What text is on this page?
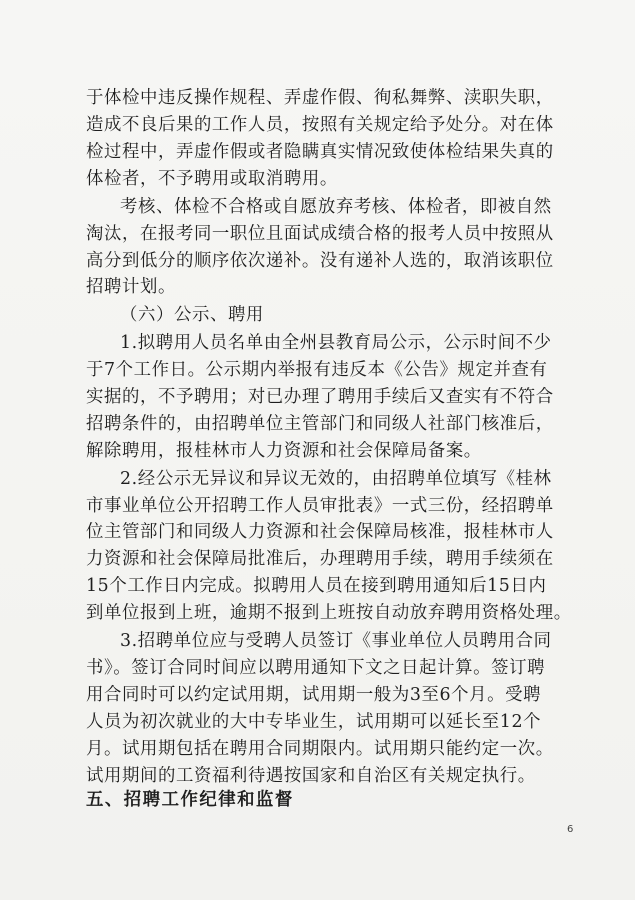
于体检中违反操作规程、弄虚作假、徇私舞弊、渎职失职，
造成不良后果的工作人员，按照有关规定给予处分。对在体
检过程中，弄虚作假或者隐瞒真实情况致使体检结果失真的
体检者，不予聘用或取消聘用。
考核、体检不合格或自愿放弃考核、体检者，即被自然
淘汰，在报考同一职位且面试成绩合格的报考人员中按照从
高分到低分的顺序依次递补。没有递补人选的，取消该职位
招聘计划。
（六）公示、聘用
1.拟聘用人员名单由全州县教育局公示，公示时间不少
于7个工作日。公示期内举报有违反本《公告》规定并查有
实据的，不予聘用；对已办理了聘用手续后又查实有不符合
招聘条件的，由招聘单位主管部门和同级人社部门核准后，
解除聘用，报桂林市人力资源和社会保障局备案。
2.经公示无异议和异议无效的，由招聘单位填写《桂林
市事业单位公开招聘工作人员审批表》一式三份，经招聘单
位主管部门和同级人力资源和社会保障局核准，报桂林市人
力资源和社会保障局批准后，办理聘用手续，聘用手续须在
15个工作日内完成。拟聘用人员在接到聘用通知后15日内
到单位报到上班，逾期不报到上班按自动放弃聘用资格处理。
3.招聘单位应与受聘人员签订《事业单位人员聘用合同
书》。签订合同时间应以聘用通知下文之日起计算。签订聘
用合同时可以约定试用期，试用期一般为3至6个月。受聘
人员为初次就业的大中专毕业生，试用期可以延长至12个
月。试用期包括在聘用合同期限内。试用期只能约定一次。
试用期间的工资福利待遇按国家和自治区有关规定执行。
五、招聘工作纪律和监督
6
